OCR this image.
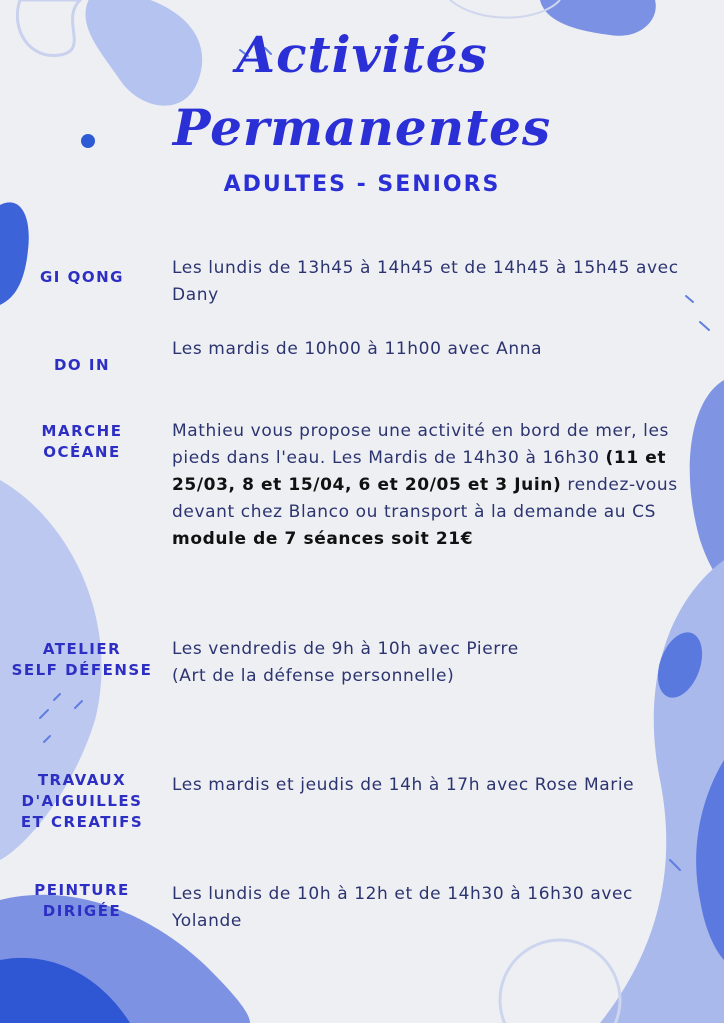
Activités
Permanentes
ADULTES - SENIORS
GI QONG	Les lundis de 13h45 à 14h45 et de 14h45 à 15h45 avec Dany
DO IN
Les mardis de 10h00 à 11h00 avec Anna
MARCHE
OCÉANE
Mathieu vous propose une activité en bord de mer, les pieds dans l'eau. Les Mardis de 14h30 à 16h30 (11 et 25/03, 8 et 15/04, 6 et 20/05 et 3 Juin) rendez-vous devant chez Blanco ou transport à la demande au CS
module de 7 séances soit 21€
ATELIER
SELF DÉFENSE
Les vendredis de 9h à 10h avec Pierre
(Art de la défense personnelle)
TRAVAUX
D'AIGUILLES
ET CREATIFS
Les mardis et jeudis de 14h à 17h avec Rose Marie
PEINTURE
DIRIGÉE
Les lundis de 10h à 12h et de 14h30 à 16h30 avec Yolande
